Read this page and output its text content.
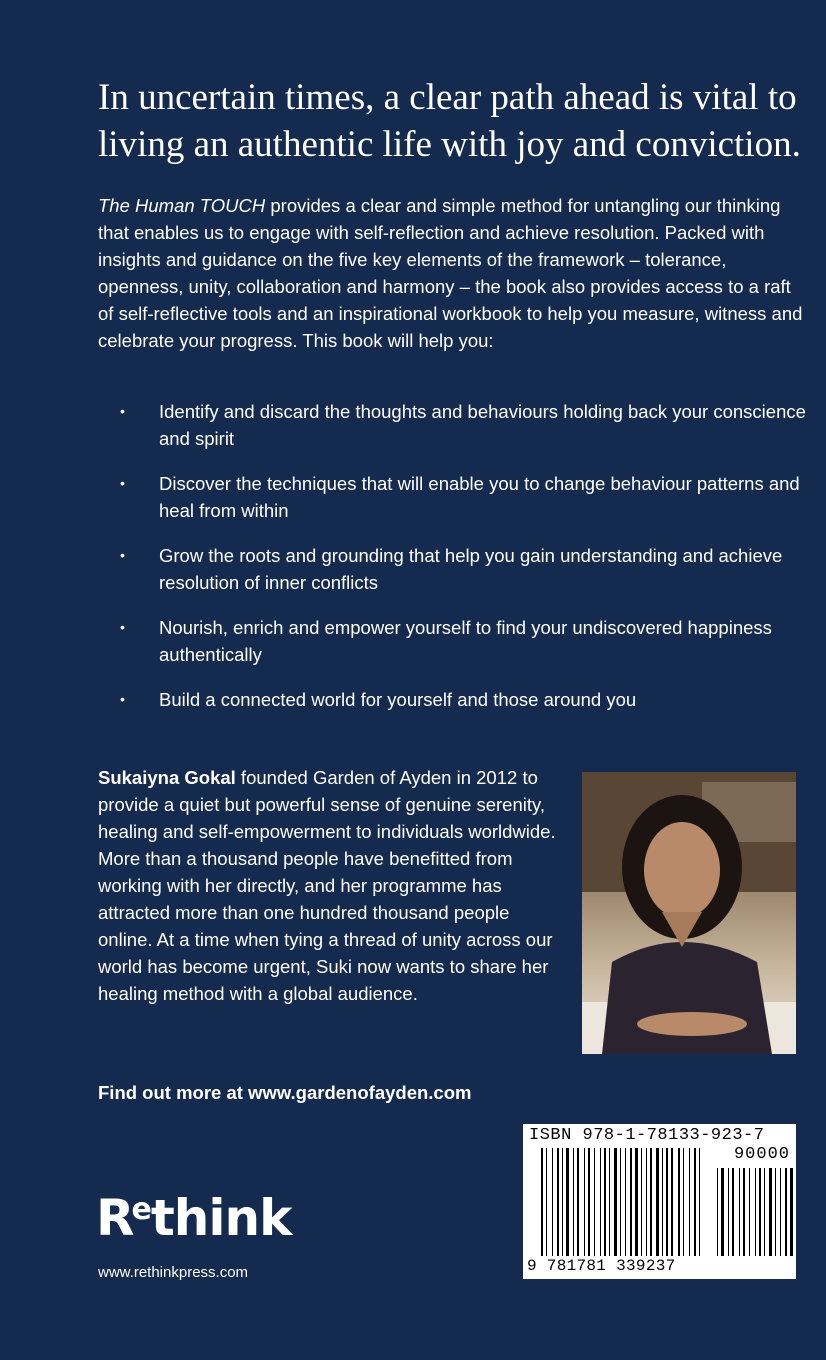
In uncertain times, a clear path ahead is vital to living an authentic life with joy and conviction.

The Human TOUCH provides a clear and simple method for untangling our thinking that enables us to engage with self-reflection and achieve resolution. Packed with insights and guidance on the five key elements of the framework – tolerance, openness, unity, collaboration and harmony – the book also provides access to a raft of self-reflective tools and an inspirational workbook to help you measure, witness and celebrate your progress. This book will help you:

• Identify and discard the thoughts and behaviours holding back your conscience and spirit
• Discover the techniques that will enable you to change behaviour patterns and heal from within
• Grow the roots and grounding that help you gain understanding and achieve resolution of inner conflicts
• Nourish, enrich and empower yourself to find your undiscovered happiness authentically
• Build a connected world for yourself and those around you

Sukaiyna Gokal founded Garden of Ayden in 2012 to provide a quiet but powerful sense of genuine serenity, healing and self-empowerment to individuals worldwide. More than a thousand people have benefitted from working with her directly, and her programme has attracted more than one hundred thousand people online. At a time when tying a thread of unity across our world has become urgent, Suki now wants to share her healing method with a global audience.

Find out more at www.gardenofayden.com

ISBN 978-1-78133-923-7
90000
9 781781 339237
$R^ethink$

www.rethinkpress.com
